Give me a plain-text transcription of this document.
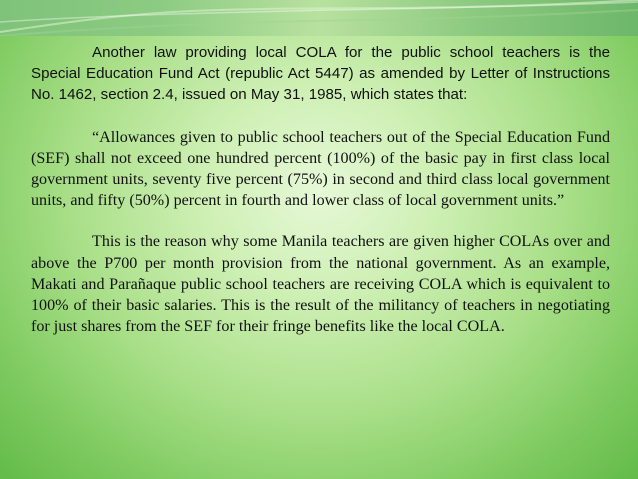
Another law providing local COLA for the public school teachers is the Special Education Fund Act (republic Act 5447) as amended by Letter of Instructions No. 1462, section 2.4, issued on May 31, 1985, which states that:

“Allowances given to public school teachers out of the Special Education Fund (SEF) shall not exceed one hundred percent (100%) of the basic pay in first class local government units, seventy five percent (75%) in second and third class local government units, and fifty (50%) percent in fourth and lower class of local government units.”

This is the reason why some Manila teachers are given higher COLAs over and above the P700 per month provision from the national government. As an example, Makati and Parañaque public school teachers are receiving COLA which is equivalent to 100% of their basic salaries. This is the result of the militancy of teachers in negotiating for just shares from the SEF for their fringe benefits like the local COLA.
